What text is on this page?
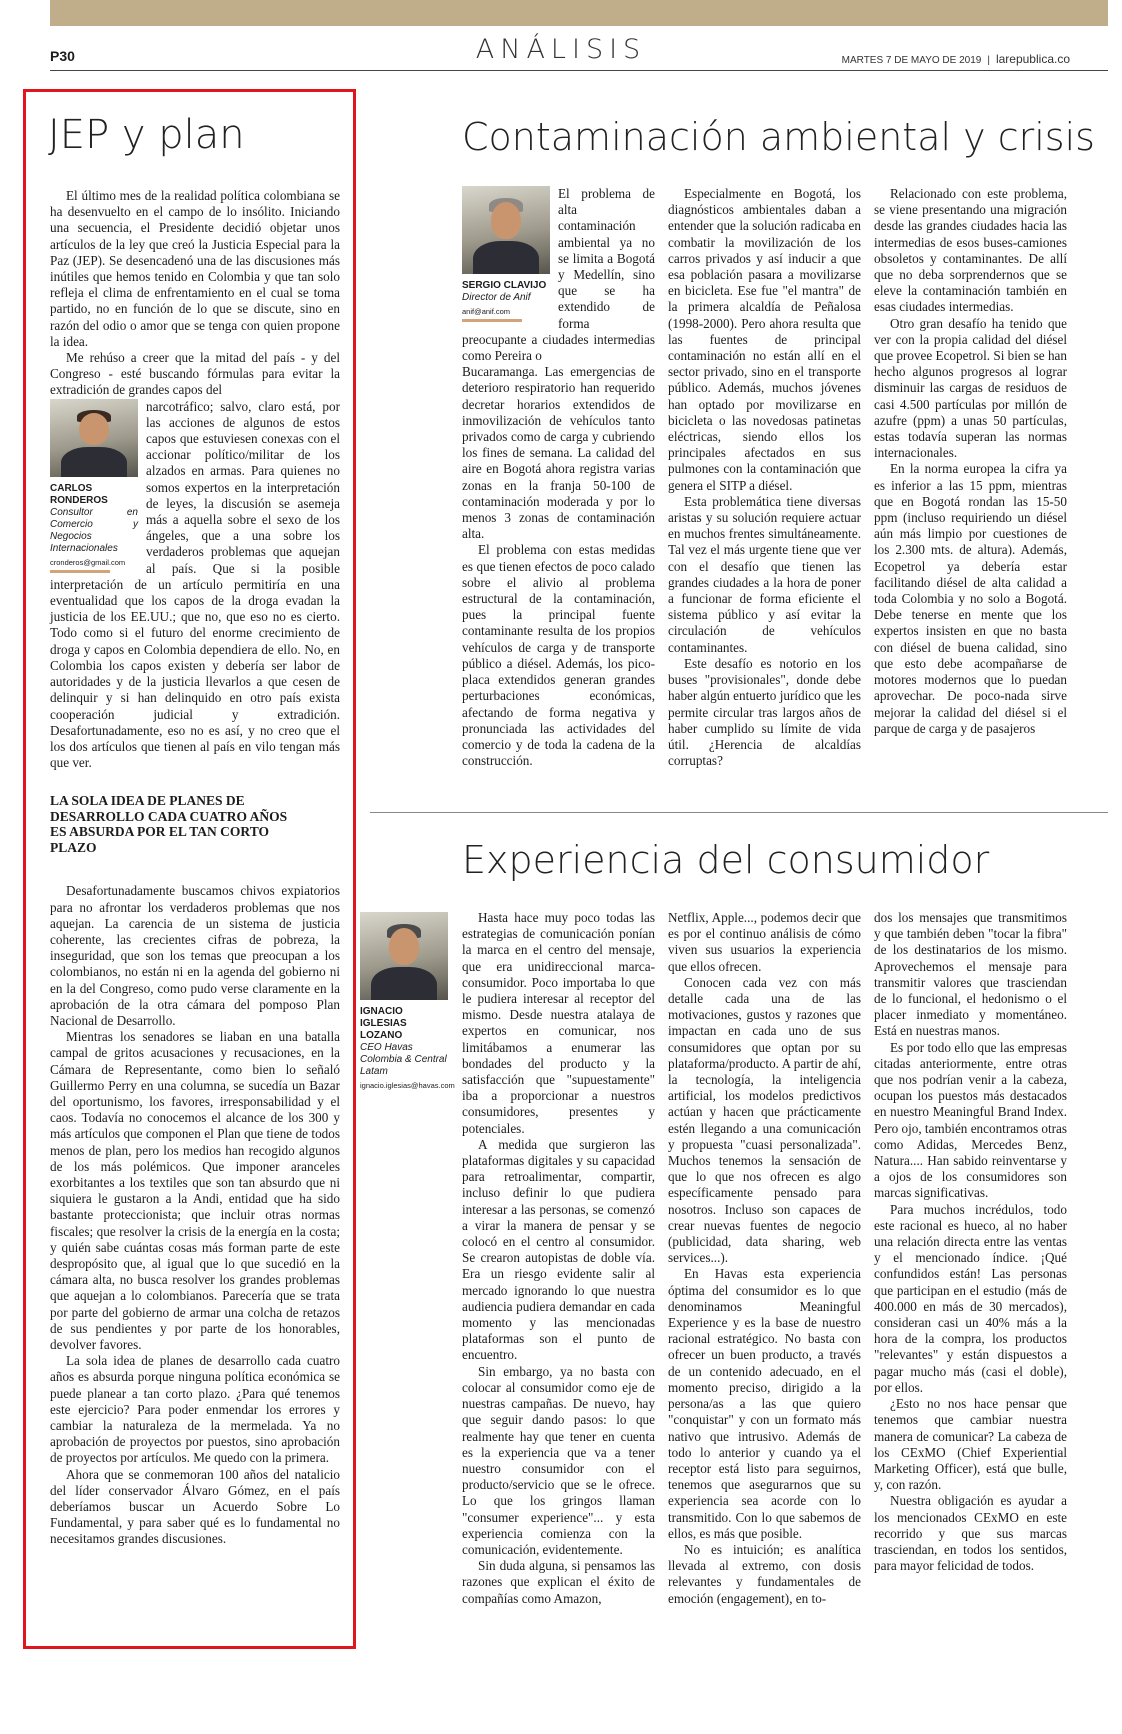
P30	ANÁLISIS	MARTES 7 DE MAYO DE 2019 | larepublica.co
JEP y plan

El último mes de la realidad política colombiana se ha desenvuelto en el campo de lo insólito. Iniciando una secuencia, el Presidente decidió objetar unos artículos de la ley que creó la Justicia Especial para la Paz (JEP). Se desencadenó una de las discusiones más inútiles que hemos tenido en Colombia y que tan solo refleja el clima de enfrentamiento en el cual se toma partido, no en función de lo que se discute, sino en razón del odio o amor que se tenga con quien propone la idea.

Me rehúso a creer que la mitad del país - y del Congreso - esté buscando fórmulas para evitar la extradición de grandes capos del

CARLOS RONDEROS
Consultor en Comercio y Negocios Internacionales
cronderos@gmail.com

narcotráfico; salvo, claro está, por las acciones de algunos de estos capos que estuviesen conexas con el accionar político/militar de los alzados en armas. Para quienes no somos expertos en la interpretación de leyes, la discusión se asemeja más a aquella sobre el sexo de los ángeles, que a una sobre los verdaderos problemas que aquejan al país. Que si la posible interpretación de un artículo permitiría en una eventualidad que los capos de la droga evadan la justicia de los EE.UU.; que no, que eso no es cierto. Todo como si el futuro del enorme crecimiento de droga y capos en Colombia dependiera de ello. No, en Colombia los capos existen y debería ser labor de autoridades y de la justicia llevarlos a que cesen de delinquir y si han delinquido en otro país exista cooperación judicial y extradición. Desafortunadamente, eso no es así, y no creo que el los dos artículos que tienen al país en vilo tengan más que ver.

LA SOLA IDEA DE PLANES DE DESARROLLO CADA CUATRO AÑOS ES ABSURDA POR EL TAN CORTO PLAZO

Desafortunadamente buscamos chivos expiatorios para no afrontar los verdaderos problemas que nos aquejan. La carencia de un sistema de justicia coherente, las crecientes cifras de pobreza, la inseguridad, que son los temas que preocupan a los colombianos, no están ni en la agenda del gobierno ni en la del Congreso, como pudo verse claramente en la aprobación de la otra cámara del pomposo Plan Nacional de Desarrollo.

Mientras los senadores se liaban en una batalla campal de gritos acusaciones y recusaciones, en la Cámara de Representante, como bien lo señaló Guillermo Perry en una columna, se sucedía un Bazar del oportunismo, los favores, irresponsabilidad y el caos. Todavía no conocemos el alcance de los 300 y más artículos que componen el Plan que tiene de todos menos de plan, pero los medios han recogido algunos de los más polémicos. Que imponer aranceles exorbitantes a los textiles que son tan absurdo que ni siquiera le gustaron a la Andi, entidad que ha sido bastante proteccionista; que incluir otras normas fiscales; que resolver la crisis de la energía en la costa; y quién sabe cuántas cosas más forman parte de este despropósito que, al igual que lo que sucedió en la cámara alta, no busca resolver los grandes problemas que aquejan a lo colombianos. Parecería que se trata por parte del gobierno de armar una colcha de retazos de sus pendientes y por parte de los honorables, devolver favores.

La sola idea de planes de desarrollo cada cuatro años es absurda porque ninguna política económica se puede planear a tan corto plazo. ¿Para qué tenemos este ejercicio? Para poder enmendar los errores y cambiar la naturaleza de la mermelada. Ya no aprobación de proyectos por puestos, sino aprobación de proyectos por artículos. Me quedo con la primera.

Ahora que se conmemoran 100 años del natalicio del líder conservador Álvaro Gómez, en el país deberíamos buscar un Acuerdo Sobre Lo Fundamental, y para saber qué es lo fundamental no necesitamos grandes discusiones.

Contaminación ambiental y crisis
SERGIO CLAVIJO
Director de Anif
anif@anif.com

El problema de alta contaminación ambiental ya no se limita a Bogotá y Medellín, sino que se ha extendido de forma preocupante a ciudades intermedias como Pereira o

Bucaramanga. Las emergencias de deterioro respiratorio han requerido decretar horarios extendidos de inmovilización de vehículos tanto privados como de carga y cubriendo los fines de semana. La calidad del aire en Bogotá ahora registra varias zonas en la franja 50-100 de contaminación moderada y por lo menos 3 zonas de contaminación alta.

El problema con estas medidas es que tienen efectos de poco calado sobre el alivio al problema estructural de la contaminación, pues la principal fuente contaminante resulta de los propios vehículos de carga y de transporte público a diésel. Además, los pico-placa extendidos generan grandes perturbaciones económicas, afectando de forma negativa y pronunciada las actividades del comercio y de toda la cadena de la construcción.

Especialmente en Bogotá, los diagnósticos ambientales daban a entender que la solución radicaba en combatir la movilización de los carros privados y así inducir a que esa población pasara a movilizarse en bicicleta. Ese fue "el mantra" de la primera alcaldía de Peñalosa (1998-2000). Pero ahora resulta que las fuentes de principal contaminación no están allí en el sector privado, sino en el transporte público. Además, muchos jóvenes han optado por movilizarse en bicicleta o las novedosas patinetas eléctricas, siendo ellos los principales afectados en sus pulmones con la contaminación que genera el SITP a diésel.

Esta problemática tiene diversas aristas y su solución requiere actuar en muchos frentes simultáneamente. Tal vez el más urgente tiene que ver con el desafío que tienen las grandes ciudades a la hora de poner a funcionar de forma eficiente el sistema público y así evitar la circulación de vehículos contaminantes.

Este desafío es notorio en los buses "provisionales", donde debe haber algún entuerto jurídico que les permite circular tras largos años de haber cumplido su límite de vida útil. ¿Herencia de alcaldías corruptas?

Relacionado con este problema, se viene presentando una migración desde las grandes ciudades hacia las intermedias de esos buses-camiones obsoletos y contaminantes. De allí que no deba sorprendernos que se eleve la contaminación también en esas ciudades intermedias.

Otro gran desafío ha tenido que ver con la propia calidad del diésel que provee Ecopetrol. Si bien se han hecho algunos progresos al lograr disminuir las cargas de residuos de casi 4.500 partículas por millón de azufre (ppm) a unas 50 partículas, estas todavía superan las normas internacionales.

En la norma europea la cifra ya es inferior a las 15 ppm, mientras que en Bogotá rondan las 15-50 ppm (incluso requiriendo un diésel aún más limpio por cuestiones de los 2.300 mts. de altura). Además, Ecopetrol ya debería estar facilitando diésel de alta calidad a toda Colombia y no solo a Bogotá. Debe tenerse en mente que los expertos insisten en que no basta con diésel de buena calidad, sino que esto debe acompañarse de motores modernos que lo puedan aprovechar. De poco-nada sirve mejorar la calidad del diésel si el parque de carga y de pasajeros

Experiencia del consumidor
IGNACIO IGLESIAS LOZANO
CEO Havas Colombia & Central Latam
ignacio.iglesias@havas.com

Hasta hace muy poco todas las estrategias de comunicación ponían la marca en el centro del mensaje, que era unidireccional marca-consumidor. Poco importaba lo que le pudiera interesar al receptor del mismo. Desde nuestra atalaya de expertos en comunicar, nos limitábamos a enumerar las bondades del producto y la satisfacción que "supuestamente" iba a proporcionar a nuestros consumidores, presentes y potenciales.

A medida que surgieron las plataformas digitales y su capacidad para retroalimentar, compartir, incluso definir lo que pudiera interesar a las personas, se comenzó a virar la manera de pensar y se colocó en el centro al consumidor. Se crearon autopistas de doble vía. Era un riesgo evidente salir al mercado ignorando lo que nuestra audiencia pudiera demandar en cada momento y las mencionadas plataformas son el punto de encuentro.

Sin embargo, ya no basta con colocar al consumidor como eje de nuestras campañas. De nuevo, hay que seguir dando pasos: lo que realmente hay que tener en cuenta es la experiencia que va a tener nuestro consumidor con el producto/servicio que se le ofrece. Lo que los gringos llaman "consumer experience"... y esta experiencia comienza con la comunicación, evidentemente.

Sin duda alguna, si pensamos las razones que explican el éxito de compañías como Amazon,

Netflix, Apple..., podemos decir que es por el continuo análisis de cómo viven sus usuarios la experiencia que ellos ofrecen.

Conocen cada vez con más detalle cada una de las motivaciones, gustos y razones que impactan en cada uno de sus consumidores que optan por su plataforma/producto. A partir de ahí, la tecnología, la inteligencia artificial, los modelos predictivos actúan y hacen que prácticamente estén llegando a una comunicación y propuesta "cuasi personalizada". Muchos tenemos la sensación de que lo que nos ofrecen es algo específicamente pensado para nosotros. Incluso son capaces de crear nuevas fuentes de negocio (publicidad, data sharing, web services...).

En Havas esta experiencia óptima del consumidor es lo que denominamos Meaningful Experience y es la base de nuestro racional estratégico. No basta con ofrecer un buen producto, a través de un contenido adecuado, en el momento preciso, dirigido a la persona/as a las que quiero "conquistar" y con un formato más nativo que intrusivo. Además de todo lo anterior y cuando ya el receptor está listo para seguirnos, tenemos que asegurarnos que su experiencia sea acorde con lo transmitido. Con lo que sabemos de ellos, es más que posible.

No es intuición; es analítica llevada al extremo, con dosis relevantes y fundamentales de emoción (engagement), en to-

dos los mensajes que transmitimos y que también deben "tocar la fibra" de los destinatarios de los mismo. Aprovechemos el mensaje para transmitir valores que trasciendan de lo funcional, el hedonismo o el placer inmediato y momentáneo. Está en nuestras manos.

Es por todo ello que las empresas citadas anteriormente, entre otras que nos podrían venir a la cabeza, ocupan los puestos más destacados en nuestro Meaningful Brand Index. Pero ojo, también encontramos otras como Adidas, Mercedes Benz, Natura.... Han sabido reinventarse y a ojos de los consumidores son marcas significativas.

Para muchos incrédulos, todo este racional es hueco, al no haber una relación directa entre las ventas y el mencionado índice. ¡Qué confundidos están! Las personas que participan en el estudio (más de 400.000 en más de 30 mercados), consideran casi un 40% más a la hora de la compra, los productos "relevantes" y están dispuestos a pagar mucho más (casi el doble), por ellos.

¿Esto no nos hace pensar que tenemos que cambiar nuestra manera de comunicar? La cabeza de los CExMO (Chief Experiential Marketing Officer), está que bulle, y, con razón.

Nuestra obligación es ayudar a los mencionados CExMO en este recorrido y que sus marcas trasciendan, en todos los sentidos, para mayor felicidad de todos.
